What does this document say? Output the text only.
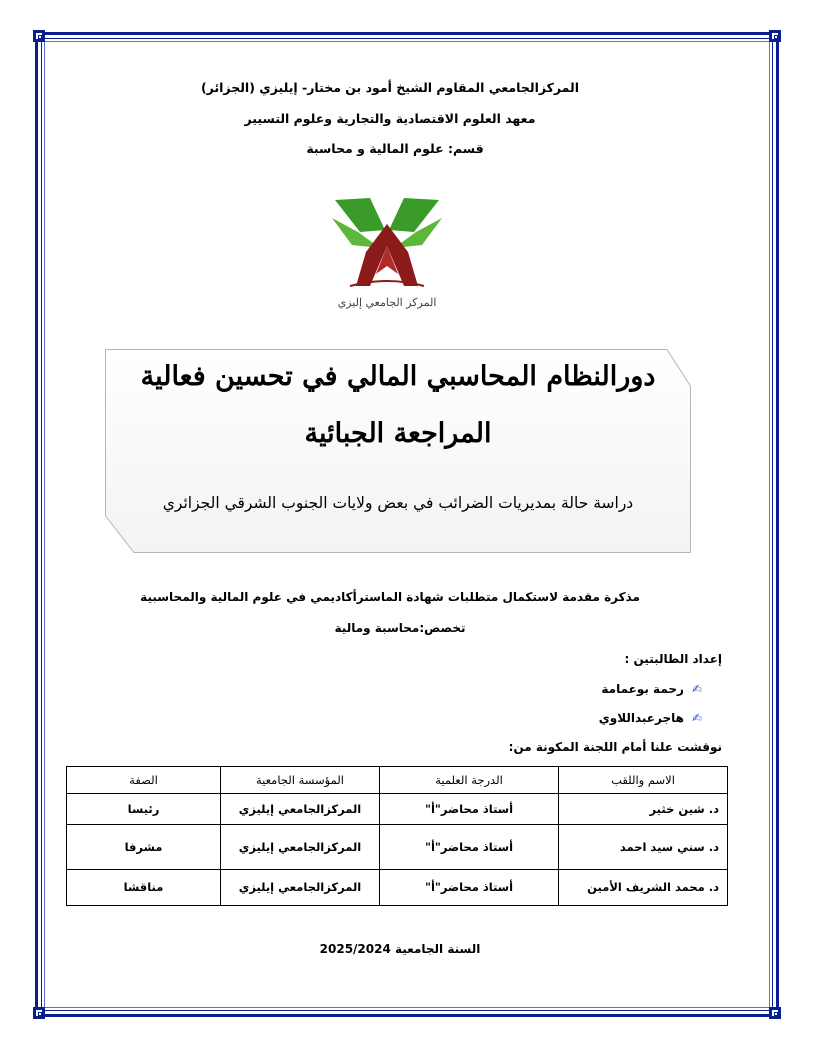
المركزالجامعي المقاوم الشيخ أمود بن مختار- إيليزي (الجزائر)
معهد العلوم الاقتصادية والتجارية وعلوم التسيير
قسم: علوم المالية و محاسبة
المركز الجامعي إليزي
دورالنظام المحاسبي المالي في تحسين فعالية
المراجعة الجبائية
دراسة حالة بمديريات الضرائب في بعض ولايات الجنوب الشرقي الجزائري
مذكرة مقدمة لاستكمال متطلبات شهادة الماسترأكاديمي في علوم المالية والمحاسبية
تخصص:محاسبة ومالية
إعداد الطالبتين :
✍رحمة بوعمامة
✍هاجرعبداللاوي
نوقشت علنا أمام اللجنة المكونة من:
الاسم واللقب	الدرجة العلمية	المؤسسة الجامعية	الصفة
د. شين خثير	أستاذ محاضر"أ"	المركزالجامعي إيليزي	رئيسا
د. سني سيد احمد	أستاذ محاضر"أ"	المركزالجامعي إيليزي	مشرفا
د. محمد الشريف الأمين	أستاذ محاضر"أ"	المركزالجامعي إيليزي	مناقشا
السنة الجامعية 2025/2024
